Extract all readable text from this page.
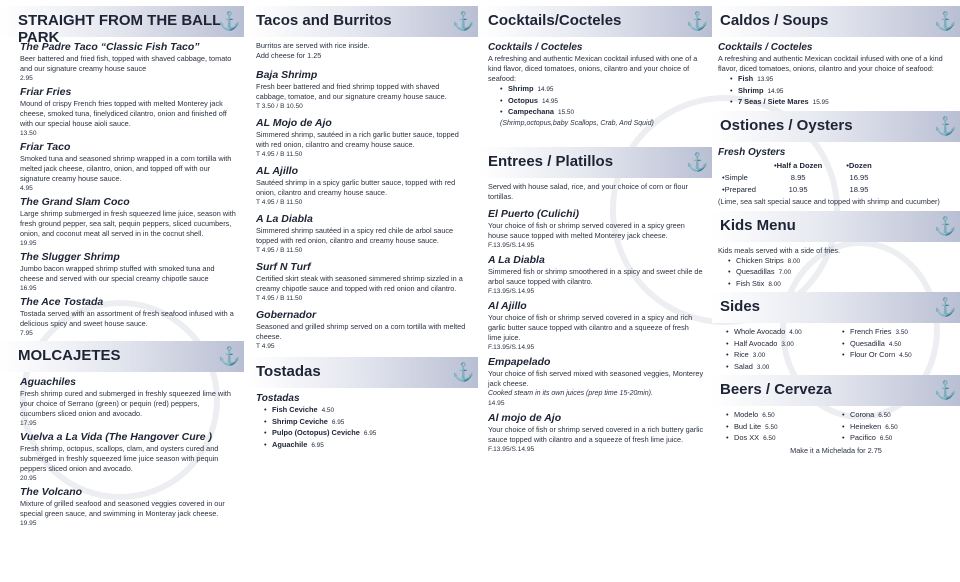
STRAIGHT FROM THE BALL PARK
⚓
The Padre Taco “Classic Fish Taco”
Beer battered and fried fish, topped with shaved cabbage, tomato and our signature creamy house sauce
2.95
Friar Fries
Mound of crispy French fries topped with melted Monterey jack cheese, smoked tuna, finelydiced cilantro, onion and finished off with our special house aioli sauce.
13.50
Friar Taco
Smoked tuna and seasoned shrimp wrapped in a corn tortilla with melted jack cheese, cilantro, onion, and topped off with our signature creamy house sauce.
4.95
The Grand Slam Coco
Large shrimp submerged in fresh squeezed lime juice, season with fresh ground pepper, sea salt, pequin peppers, sliced cucumbers, onion, and coconut meat all served in in the cocnut shell.
19.95
The Slugger Shrimp
Jumbo bacon wrapped shrimp stuffed with smoked tuna and cheese and served with our special creamy chipotle sauce
16.95
The Ace Tostada
Tostada served with an assortment of fresh seafood infused with a delicious spicy and sweet house sauce.
7.95
MOLCAJETES	⚓
Aguachiles
Fresh shrimp cured and submerged in freshly squeezed lime with your choice of Serrano (green) or pequin (red) peppers, cucumbers sliced onion and avocado.
17.95
Vuelva a La Vida (The Hangover Cure )
Fresh shrimp, octopus, scallops, clam, and oysters cured and submerged in freshly squeezed lime juice season with pequin peppers sliced onion and avocado.
20.95
The Volcano
Mixture of grilled seafood and seasoned veggies covered in our special green sauce, and swimming in Monteray jack cheese.
19.95
Tacos and Burritos	⚓
Burritos are served with rice inside.
Add cheese for 1.25
Baja Shrimp
Fresh beer battered and fried shrimp topped with shaved cabbage, tomatoe, and our signature creamy house sauce.
T 3.50 / B 10.50
AL Mojo de Ajo
Simmered shrimp, sautéed in a rich garlic butter sauce, topped with red onion, cilantro and creamy house sauce.
T 4.95 / B 11.50
AL Ajillo
Sautéed shrimp in a spicy garlic butter sauce, topped with red onion, cilantro and creamy house sauce.
T 4.95 / B 11.50
A La Diabla
Simmered shrimp sautéed in a spicy red chile de arbol sauce topped with red onion, cilantro and creamy house sauce.
T 4.95 / B 11.50
Surf N Turf
Certified skirt steak with seasoned simmered shrimp sizzled in a creamy chipotle sauce and topped with red onion and cilantro.
T 4.95 / B 11.50
Gobernador
Seasoned and grilled shrimp served on a corn tortilla with melted cheese.
T 4.95
Tostadas	⚓
Tostadas
• Fish Ceviche 4.50
• Shrimp Ceviche 6.95
• Pulpo (Octopus) Ceviche 6.95
• Aguachile 6.95
Cocktails/Cocteles	⚓
Cocktails / Cocteles
A refreshing and authentic Mexican cocktail infused with one of a kind flavor, diced tomatoes, onions, cilantro and your choice of seafood:
• Shrimp 14.95
• Octopus 14.95
• Campechana 15.50
(Shrimp,octopus,baby Scallops, Crab, And Squid)
Entrees / Platillos	⚓
Served with house salad, rice, and your choice of corn or flour tortillas.
El Puerto (Culichi)
Your choice of fish or shrimp served covered in a spicy green house sauce topped with melted Monterey jack cheese.
F.13.95/S.14.95
A La Diabla
Simmered fish or shrimp smoothered in a spicy and sweet chile de arbol sauce topped with cilantro.
F.13.95/S.14.95
Al Ajillo
Your choice of fish or shrimp served covered in a spicy and rich garlic butter sauce topped with cilantro and a squeeze of fresh lime juice.
F.13.95/S.14.95
Empapelado
Your choice of fish served mixed with seasoned veggies, Monterey jack cheese.
Cooked steam in its own juices (prep time 15-20min).
14.95
Al mojo de Ajo
Your choice of fish or shrimp served covered in a rich buttery garlic sauce topped with cilantro and a squeeze of fresh lime juice.
F.13.95/S.14.95
Caldos / Soups	⚓
Cocktails / Cocteles
A refreshing and authentic Mexican cocktail infused with one of a kind flavor, diced tomatoes, onions, cilantro and your choice of seafood:
• Fish 13.95
• Shrimp 14.95
• 7 Seas / Siete Mares 15.95
Ostiones / Oysters	⚓
Fresh Oysters
	•Half a Dozen		•Dozen
•Simple	8.95		16.95
•Prepared	10.95		18.95
(Lime, sea salt special sauce and topped with shrimp and cucumber)
Kids Menu	⚓
Kids meals served with a side of fries.
• Chicken Strips 8.00
• Quesadillas 7.00
• Fish Stix 8.00
Sides	⚓
• Whole Avocado 4.00
• Half Avocado 3.00
• Rice 3.00
• Salad 3.00
• French Fries 3.50
• Quesadilla 4.50
• Flour Or Corn 4.50
Beers / Cerveza	⚓
• Modelo 6.50
• Bud Lite 5.50
• Dos XX 6.50
• Corona 6.50
• Heineken 6.50
• Pacifico 6.50
Make it a Michelada for 2.75
